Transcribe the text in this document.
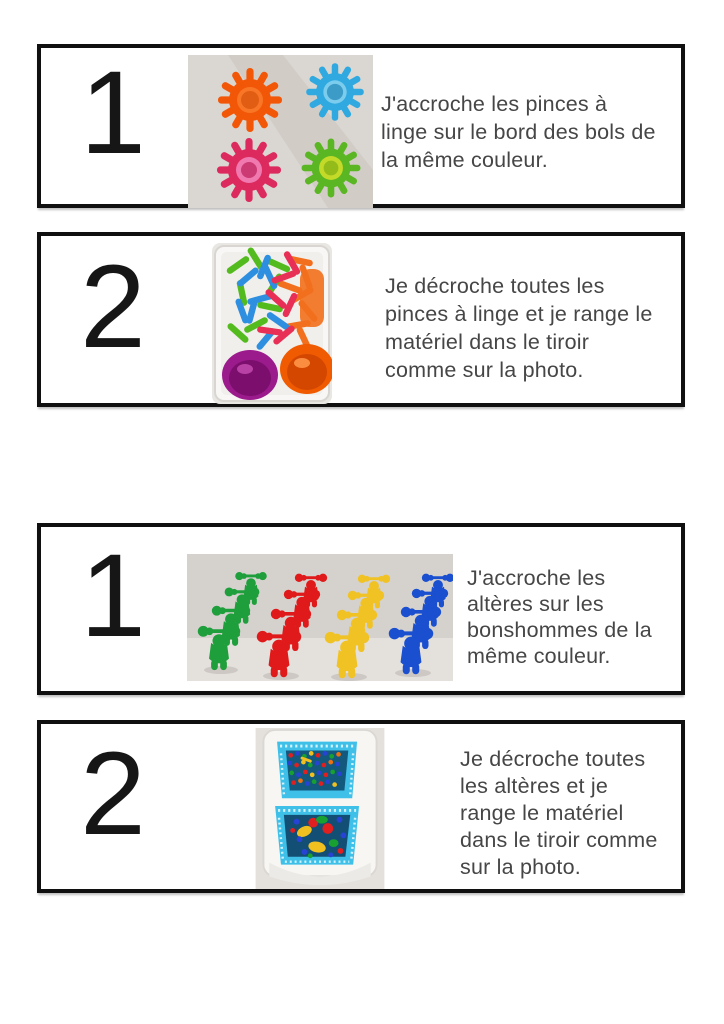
1	J'accroche les pinces à
linge sur le bord des bols de
la même couleur.
2	Je décroche toutes les
pinces à linge et je range le
matériel dans le tiroir
comme sur la photo.
1	J'accroche les
altères sur les
bonshommes de la
même couleur.
2	Je décroche toutes
les altères et je
range le matériel
dans le tiroir comme
sur la photo.
